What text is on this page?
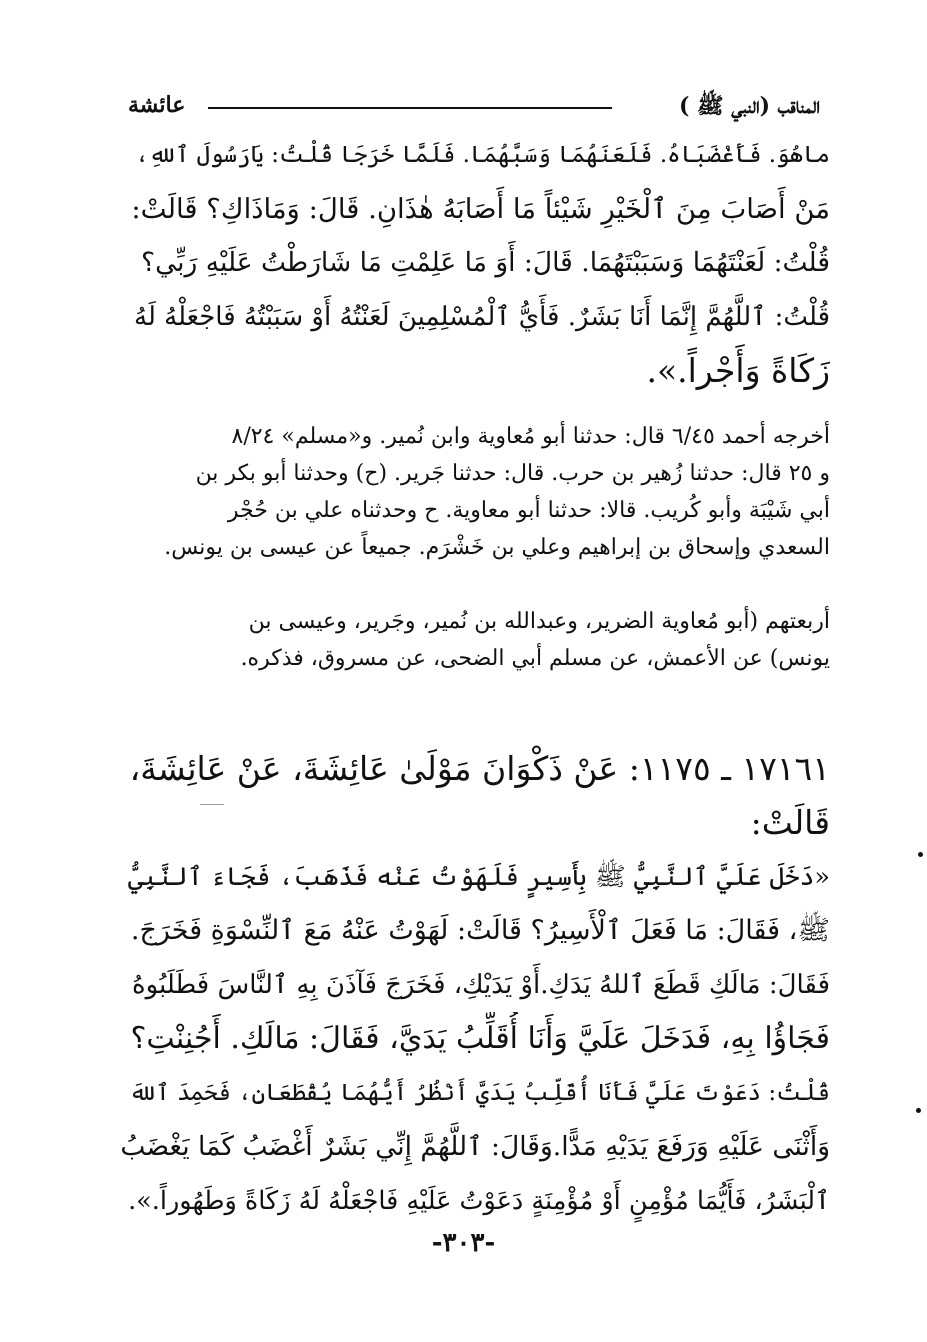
المناقب (النبي ﷺ )
عائشة
ماهُوَ. فَأَغْضَبَاهُ. فَلَعَنَهُمَا وَسَبَّهُمَا. فَلَمَّا خَرَجَا قُلْتُ: يَارَسُولَ ٱللهِ،
مَنْ أَصَابَ مِنَ ٱلْخَيْرِ شَيْئاً مَا أَصَابَهُ هٰذَانِ. قَالَ: وَمَاذَاكِ؟ قَالَتْ:
قُلْتُ: لَعَنْتَهُمَا وَسَبَبْتَهُمَا. قَالَ: أَوَ مَا عَلِمْتِ مَا شَارَطْتُ عَلَيْهِ رَبِّي؟
قُلْتُ: ٱللَّهُمَّ إِنَّمَا أَنَا بَشَرٌ. فَأَيُّ ٱلْمُسْلِمِينَ لَعَنْتُهُ أَوْ سَبَبْتُهُ فَاجْعَلْهُ لَهُ
زَكَاةً وَأَجْراً.».
أخرجه أحمد ٦/٤٥ قال: حدثنا أبو مُعاوية وابن نُمير. و«مسلم» ٨/٢٤
و ٢٥ قال: حدثنا زُهير بن حرب. قال: حدثنا جَرير. (ح) وحدثنا أبو بكر بن
أبي شَيْبَة وأبو كُريب. قالا: حدثنا أبو معاوية. ح وحدثناه علي بن حُجْر
السعدي وإسحاق بن إبراهيم وعلي بن خَشْرَم. جميعاً عن عيسى بن يونس.
أربعتهم (أبو مُعاوية الضرير، وعبدالله بن نُمير، وجَرير، وعيسى بن
يونس) عن الأعمش، عن مسلم أبي الضحى، عن مسروق، فذكره.
١٧١٦١ ـ ١١٧٥: عَنْ ذَكْوَانَ مَوْلَىٰ عَائِشَةَ، عَنْ عَائِشَةَ،
قَالَتْ:
«دَخَلَ عَلَيَّ ٱلنَّبِيُّ ﷺ بِأَسِيرٍ فَلَهَوْتُ عَنْه فَذَهَبَ، فَجَاءَ ٱلنَّبِيُّ
ﷺ، فَقَالَ: مَا فَعَلَ ٱلْأَسِيرُ؟ قَالَتْ: لَهَوْتُ عَنْهُ مَعَ ٱلنِّسْوَةِ فَخَرَجَ.
فَقَالَ: مَالَكِ قَطَعَ ٱللهُ يَدَكِ.أَوْ يَدَيْكِ، فَخَرَجَ فَآذَنَ بِهِ ٱلنَّاسَ فَطَلَبُوهُ
فَجَاؤُا بِهِ، فَدَخَلَ عَلَيَّ وَأَنَا أُقَلِّبُ يَدَيَّ، فَقَالَ: مَالَكِ. أَجُنِنْتِ؟
قُلْتُ: دَعَوْتَ عَلَيَّ فَأَنَا أُقَلِّبُ يَدَيَّ أَنْظُرُ أَيُّهُمَا يُقْطَعَانِ، فَحَمِدَ ٱللهَ
وَأَثْنَى عَلَيْهِ وَرَفَعَ يَدَيْهِ مَدًّا.وَقَالَ: ٱللَّهُمَّ إِنِّي بَشَرٌ أَغْضَبُ كَمَا يَغْضَبُ
ٱلْبَشَرُ، فَأَيُّمَا مُؤْمِنٍ أَوْ مُؤْمِنَةٍ دَعَوْتُ عَلَيْهِ فَاجْعَلْهُ لَهُ زَكَاةً وَطَهُوراً.».
-٣٠٣-
